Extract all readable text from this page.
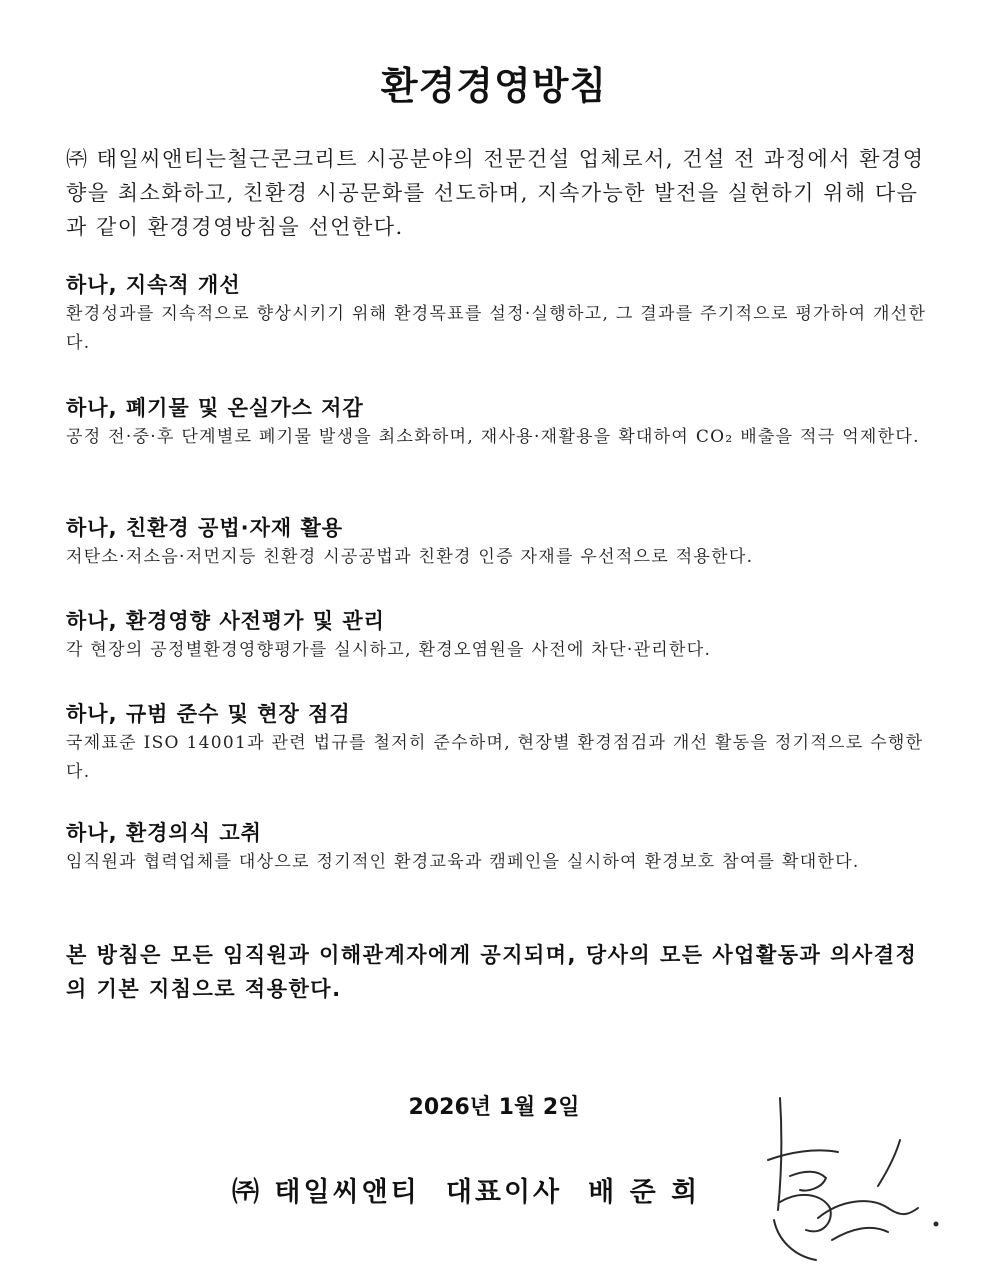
환경경영방침
㈜ 태일씨앤티는철근콘크리트 시공분야의 전문건설 업체로서, 건설 전 과정에서 환경영향을 최소화하고, 친환경 시공문화를 선도하며, 지속가능한 발전을 실현하기 위해 다음과 같이 환경경영방침을 선언한다.
하나, 지속적 개선

환경성과를 지속적으로 향상시키기 위해 환경목표를 설정·실행하고, 그 결과를 주기적으로 평가하여 개선한다.

하나, 폐기물 및 온실가스 저감

공정 전·중·후 단계별로 폐기물 발생을 최소화하며, 재사용·재활용을 확대하여 CO₂ 배출을 적극 억제한다.

하나, 친환경 공법·자재 활용

저탄소·저소음·저먼지등 친환경 시공공법과 친환경 인증 자재를 우선적으로 적용한다.

하나, 환경영향 사전평가 및 관리

각 현장의 공정별환경영향평가를 실시하고, 환경오염원을 사전에 차단·관리한다.

하나, 규범 준수 및 현장 점검

국제표준 ISO 14001과 관련 법규를 철저히 준수하며, 현장별 환경점검과 개선 활동을 정기적으로 수행한다.

하나, 환경의식 고취

임직원과 협력업체를 대상으로 정기적인 환경교육과 캠페인을 실시하여 환경보호 참여를 확대한다.

본 방침은 모든 임직원과 이해관계자에게 공지되며, 당사의 모든 사업활동과 의사결정의 기본 지침으로 적용한다.
2026년 1월 2일
㈜ 태일씨앤티 대표이사 배 준 희
